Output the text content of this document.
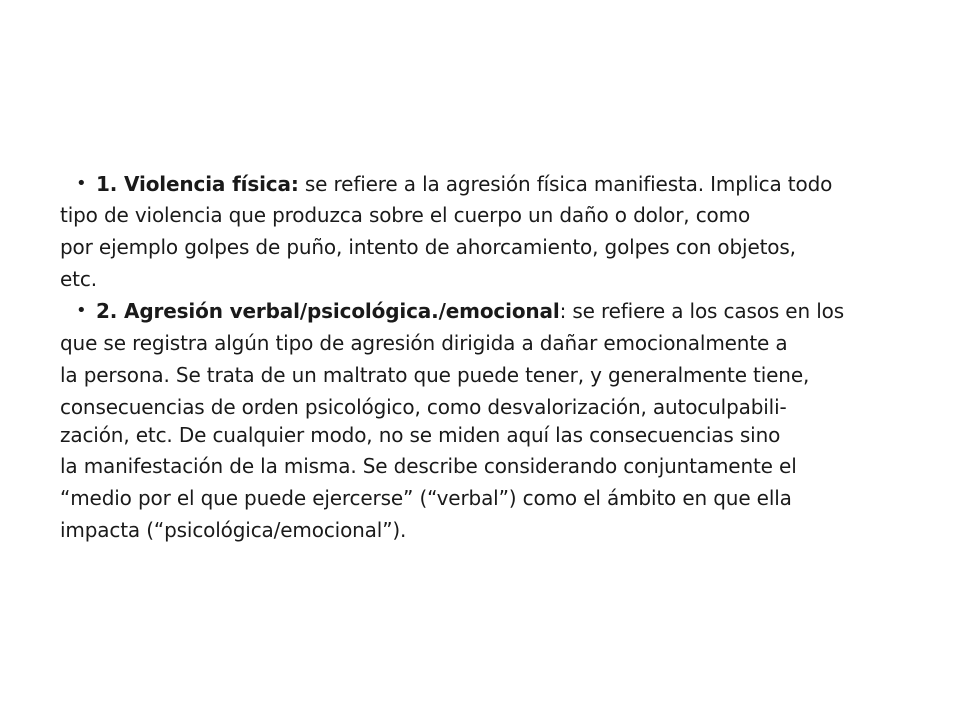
• 1. Violencia física: se refiere a la agresión física manifiesta. Implica todo
tipo de violencia que produzca sobre el cuerpo un daño o dolor, como
por ejemplo golpes de puño, intento de ahorcamiento, golpes con objetos,
etc.
• 2. Agresión verbal/psicológica./emocional: se refiere a los casos en los
que se registra algún tipo de agresión dirigida a dañar emocionalmente a
la persona. Se trata de un maltrato que puede tener, y generalmente tiene,
consecuencias de orden psicológico, como desvalorización, autoculpabili-
zación, etc. De cualquier modo, no se miden aquí las consecuencias sino
la manifestación de la misma. Se describe considerando conjuntamente el
“medio por el que puede ejercerse” (“verbal”) como el ámbito en que ella
impacta (“psicológica/emocional”).
